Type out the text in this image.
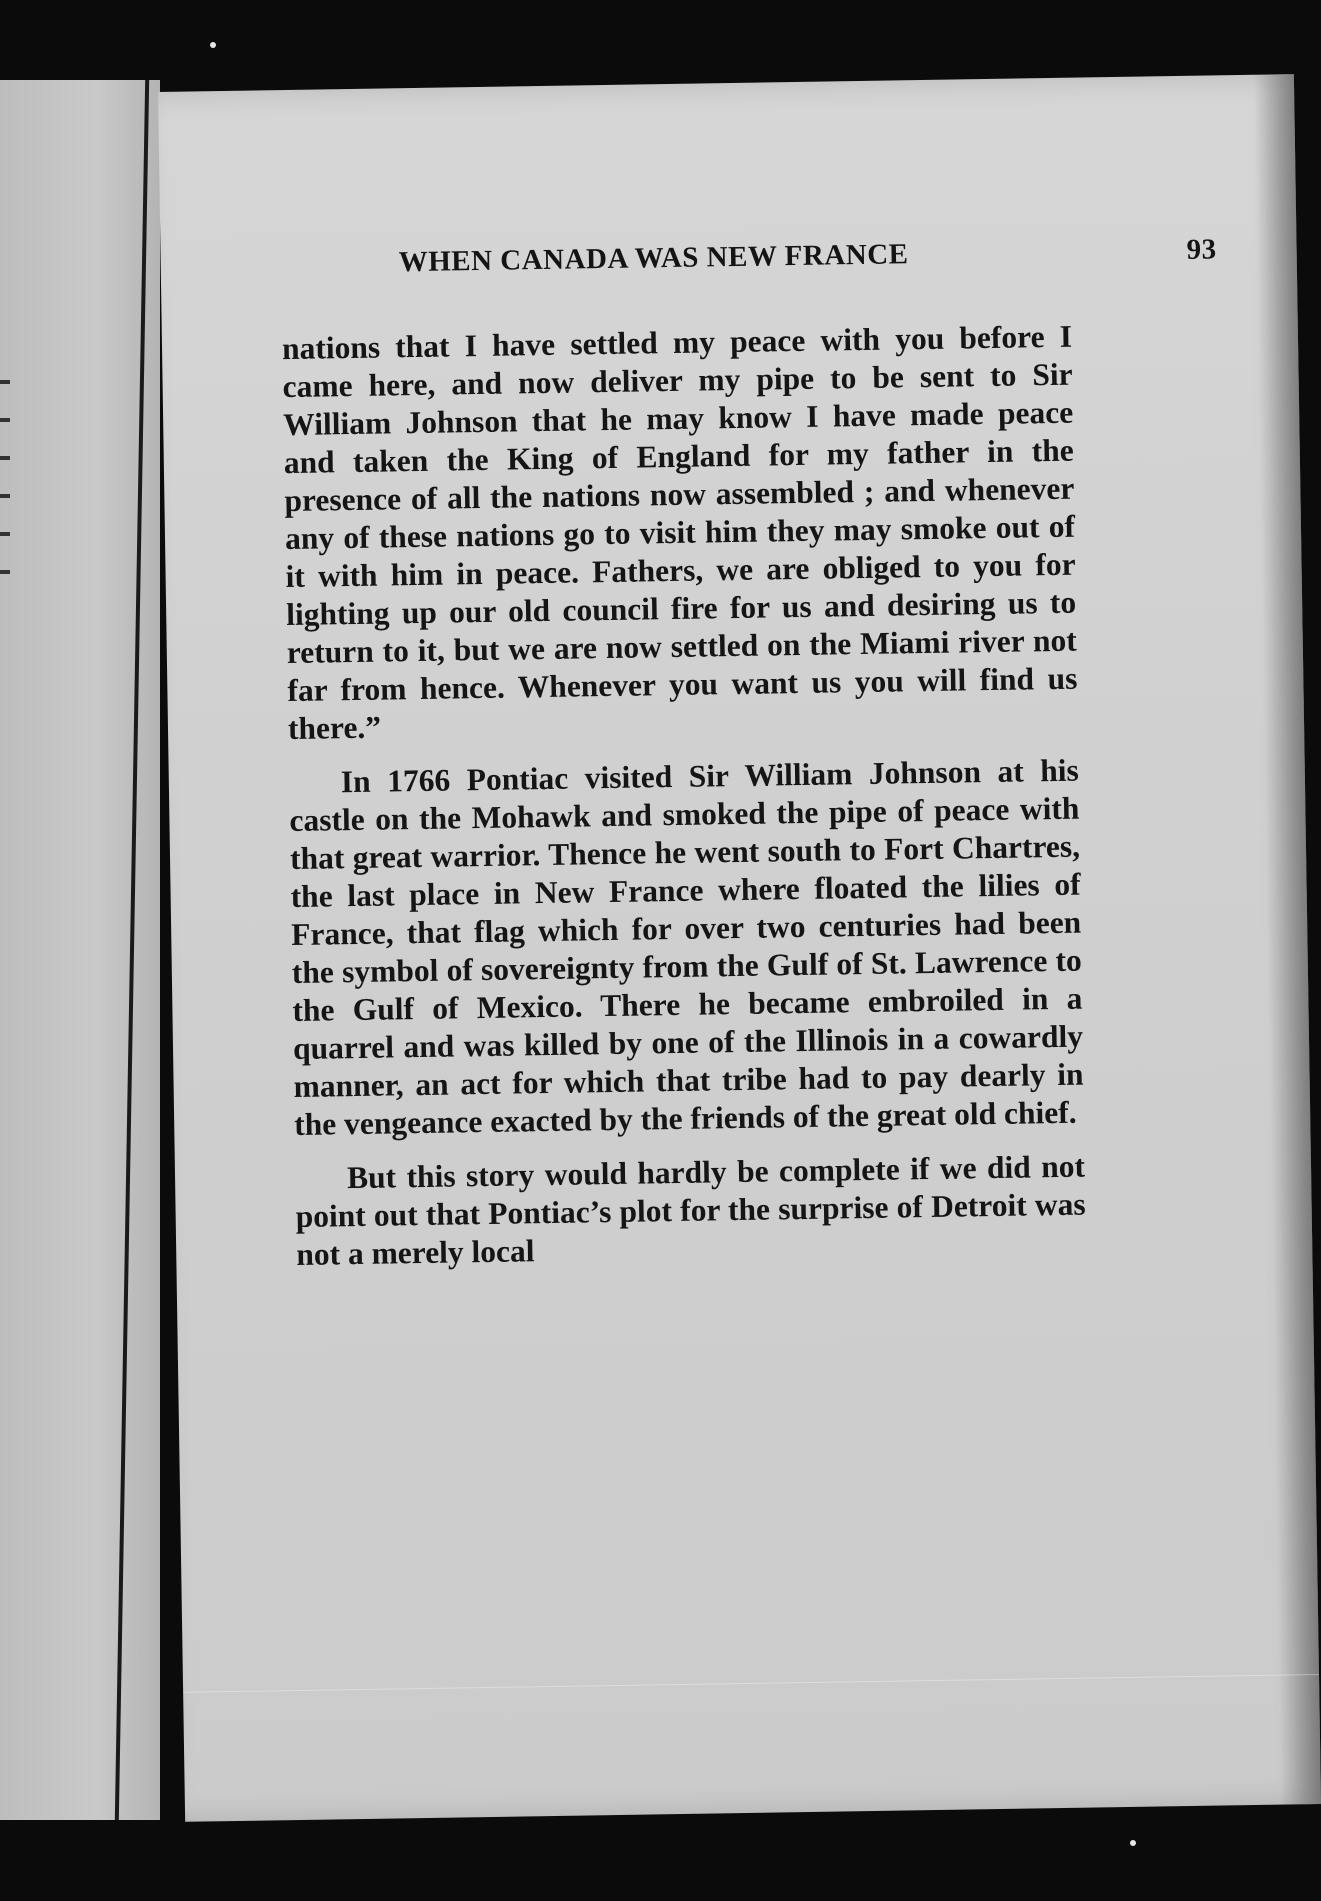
WHEN CANADA WAS NEW FRANCE	93

nations that I have settled my peace with you before I came here, and now deliver my pipe to be sent to Sir William Johnson that he may know I have made peace and taken the King of England for my father in the presence of all the nations now assembled ; and whenever any of these nations go to visit him they may smoke out of it with him in peace. Fathers, we are obliged to you for lighting up our old council fire for us and desiring us to return to it, but we are now settled on the Miami river not far from hence. Whenever you want us you will find us there.”

In 1766 Pontiac visited Sir William Johnson at his castle on the Mohawk and smoked the pipe of peace with that great warrior. Thence he went south to Fort Chartres, the last place in New France where floated the lilies of France, that flag which for over two centuries had been the symbol of sovereignty from the Gulf of St. Lawrence to the Gulf of Mexico. There he became embroiled in a quarrel and was killed by one of the Illinois in a cowardly manner, an act for which that tribe had to pay dearly in the vengeance exacted by the friends of the great old chief.

But this story would hardly be complete if we did not point out that Pontiac’s plot for the surprise of Detroit was not a merely local
